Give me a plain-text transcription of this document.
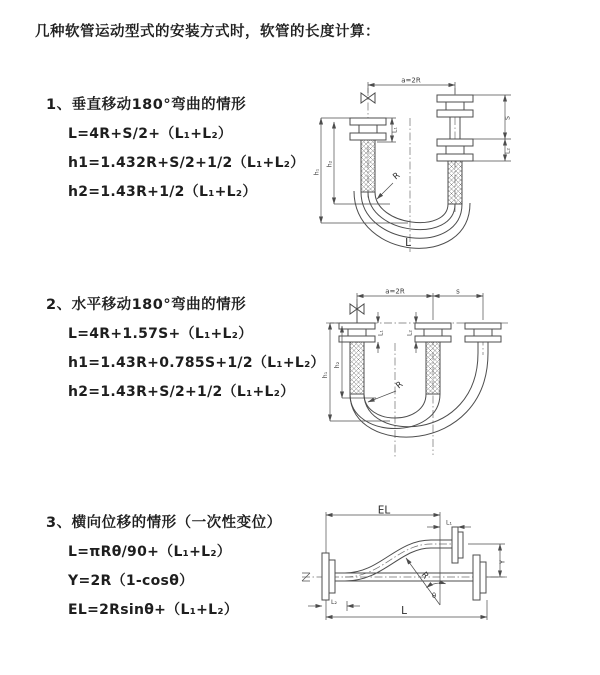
几种软管运动型式的安装方式时，软管的长度计算：
1、垂直移动180°弯曲的情形
L=4R+S/2+（L₁+L₂）
h1=1.432R+S/2+1/2（L₁+L₂）
h2=1.43R+1/2（L₁+L₂）
2、水平移动180°弯曲的情形
L=4R+1.57S+（L₁+L₂）
h1=1.43R+0.785S+1/2（L₁+L₂）
h2=1.43R+S/2+1/2（L₁+L₂）
3、横向位移的情形（一次性变位）
L=πRθ/90+（L₁+L₂）
Y=2R（1-cosθ）
EL=2Rsinθ+（L₁+L₂）
a=2R
h₁
h₂
L₁
S
L₂
R
L
a=2R	s
h₁
h₂
L₁	L₂
R
EL
L₁
Y
R
θ
L
L₂
